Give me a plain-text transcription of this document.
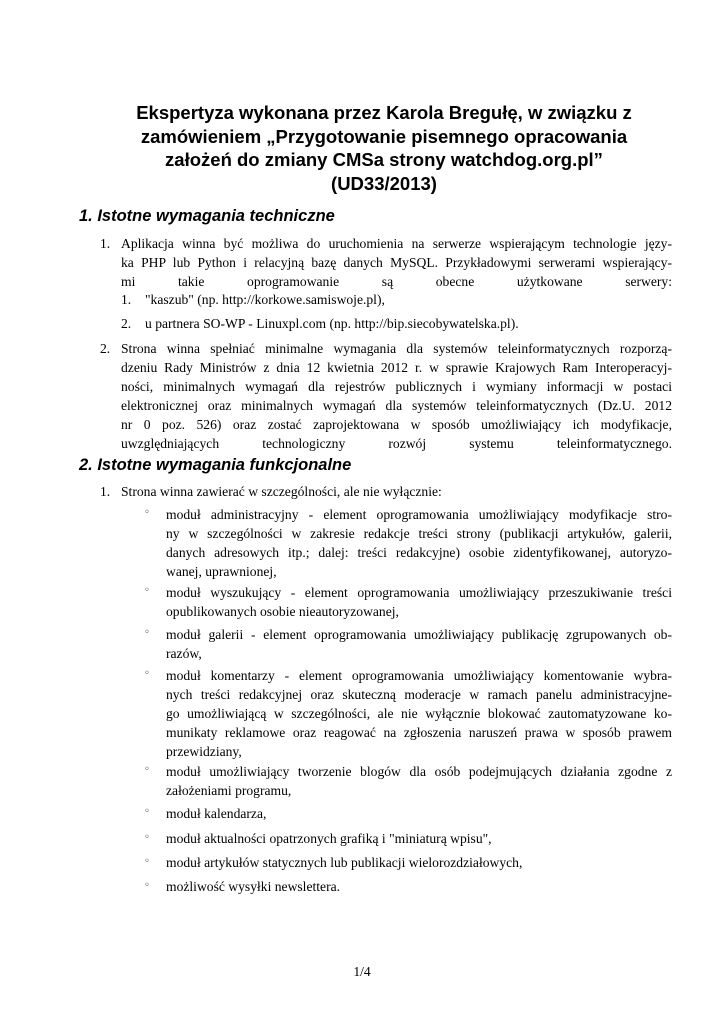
Ekspertyza wykonana przez Karola Bregułę, w związku z
zamówieniem „Przygotowanie pisemnego opracowania
założeń do zmiany CMSa strony watchdog.org.pl”
(UD33/2013)
1. Istotne wymagania techniczne
1. Aplikacja winna być możliwa do uruchomienia na serwerze wspierającym technologie języ-
ka PHP lub Python i relacyjną bazę danych MySQL. Przykładowymi serwerami wspierający-
mi takie oprogramowanie są obecne użytkowane serwery:
1. "kaszub" (np. http://korkowe.samiswoje.pl),
2. u partnera SO-WP - Linuxpl.com (np. http://bip.siecobywatelska.pl).
2. Strona winna spełniać minimalne wymagania dla systemów teleinformatycznych rozporzą-
dzeniu Rady Ministrów z dnia 12 kwietnia 2012 r. w sprawie Krajowych Ram Interoperacyj-
ności, minimalnych wymagań dla rejestrów publicznych i wymiany informacji w postaci
elektronicznej oraz minimalnych wymagań dla systemów teleinformatycznych (Dz.U. 2012
nr 0 poz. 526) oraz zostać zaprojektowana w sposób umożliwiający ich modyfikacje,
uwzględniających technologiczny rozwój systemu teleinformatycznego.
2. Istotne wymagania funkcjonalne
1. Strona winna zawierać w szczególności, ale nie wyłącznie:
◦ moduł administracyjny - element oprogramowania umożliwiający modyfikacje stro-
ny w szczególności w zakresie redakcje treści strony (publikacji artykułów, galerii,
danych adresowych itp.; dalej: treści redakcyjne) osobie zidentyfikowanej, autoryzo-
wanej, uprawnionej,
◦ moduł wyszukujący - element oprogramowania umożliwiający przeszukiwanie treści
opublikowanych osobie nieautoryzowanej,
◦ moduł galerii - element oprogramowania umożliwiający publikację zgrupowanych ob-
razów,
◦ moduł komentarzy - element oprogramowania umożliwiający komentowanie wybra-
nych treści redakcyjnej oraz skuteczną moderacje w ramach panelu administracyjne-
go umożliwiającą w szczególności, ale nie wyłącznie blokować zautomatyzowane ko-
munikaty reklamowe oraz reagować na zgłoszenia naruszeń prawa w sposób prawem
przewidziany,
◦ moduł umożliwiający tworzenie blogów dla osób podejmujących działania zgodne z
założeniami programu,
◦ moduł kalendarza,
◦ moduł aktualności opatrzonych grafiką i "miniaturą wpisu",
◦ moduł artykułów statycznych lub publikacji wielorozdziałowych,
◦ możliwość wysyłki newslettera.
1/4
